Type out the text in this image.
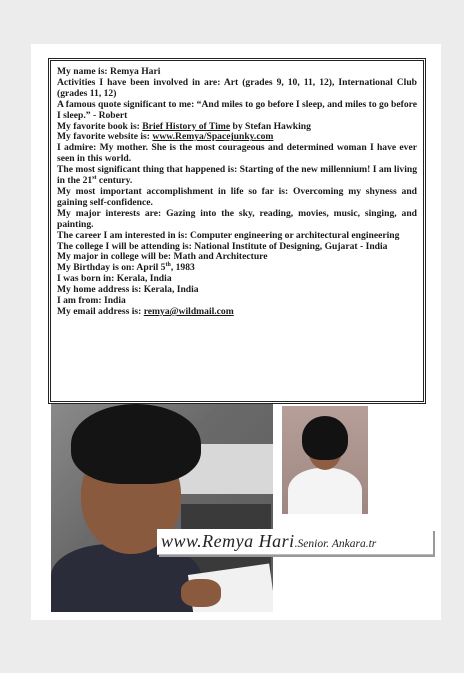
My name is: Remya Hari
Activities I have been involved in are: Art (grades 9, 10, 11, 12), International Club (grades 11, 12)
A famous quote significant to me: “And miles to go before I sleep, and miles to go before I sleep.” - Robert
My favorite book is: Brief History of Time by Stefan Hawking
My favorite website is: www.Remya/Spacejunky.com
I admire: My mother. She is the most courageous and determined woman I have ever seen in this world.
The most significant thing that happened is: Starting of the new millennium! I am living in the 21st century.
My most important accomplishment in life so far is: Overcoming my shyness and gaining self-confidence.
My major interests are: Gazing into the sky, reading, movies, music, singing, and painting.
The career I am interested in is: Computer engineering or architectural engineering
The college I will be attending is: National Institute of Designing, Gujarat - India
My major in college will be: Math and Architecture
My Birthday is on: April 5th, 1983
I was born in: Kerala, India
My home address is: Kerala, India
I am from: India
My email address is: remya@wildmail.com
www.Remya Hari .Senior. Ankara.tr
